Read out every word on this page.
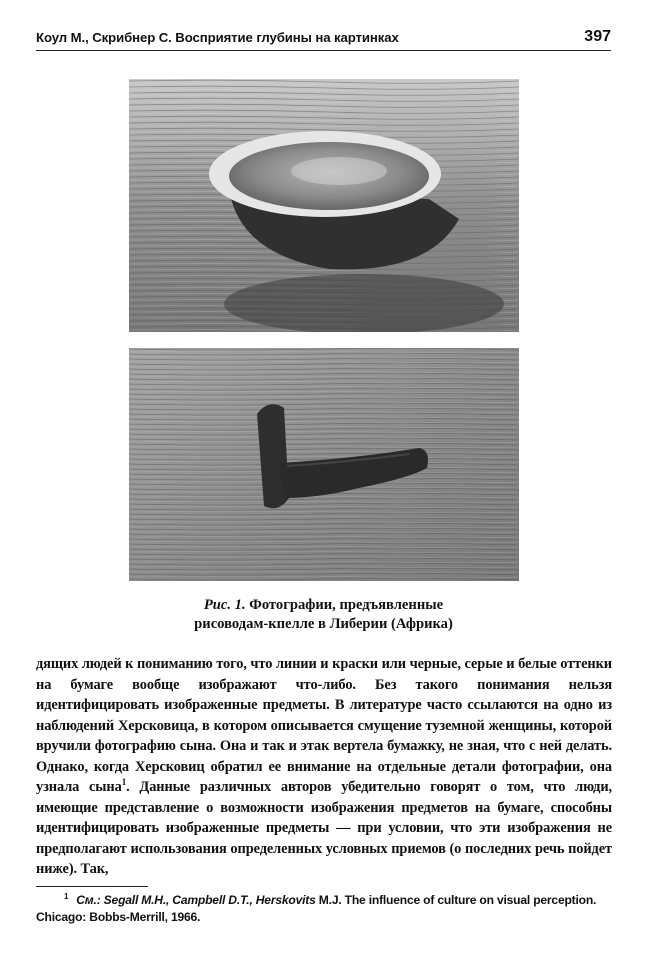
Коул М., Скрибнер С. Восприятие глубины на картинках	397
Рис. 1. Фотографии, предъявленные
рисоводам-кпелле в Либерии (Африка)
дящих людей к пониманию того, что линии и краски или черные, серые и белые оттенки на бумаге вообще изображают что-либо. Без такого понимания нельзя идентифицировать изображенные предметы. В литературе часто ссылаются на одно из наблюдений Херсковица, в котором описывается смущение туземной женщины, которой вручили фотографию сына. Она и так и этак вертела бумажку, не зная, что с ней делать. Однако, когда Херсковиц обратил ее внимание на отдельные детали фотографии, она узнала сына$^1$. Данные различных авторов убедительно говорят о том, что люди, имеющие представление о возможности изображения предметов на бумаге, способны идентифицировать изображенные предметы — при условии, что эти изображения не предполагают использования определенных условных приемов (о последних речь пойдет ниже). Так,
$^1$ См.: Segall M.H., Campbell D.T., Herskovits M.J. The influence of culture on visual perception. Chicago: Bobbs-Merrill, 1966.
